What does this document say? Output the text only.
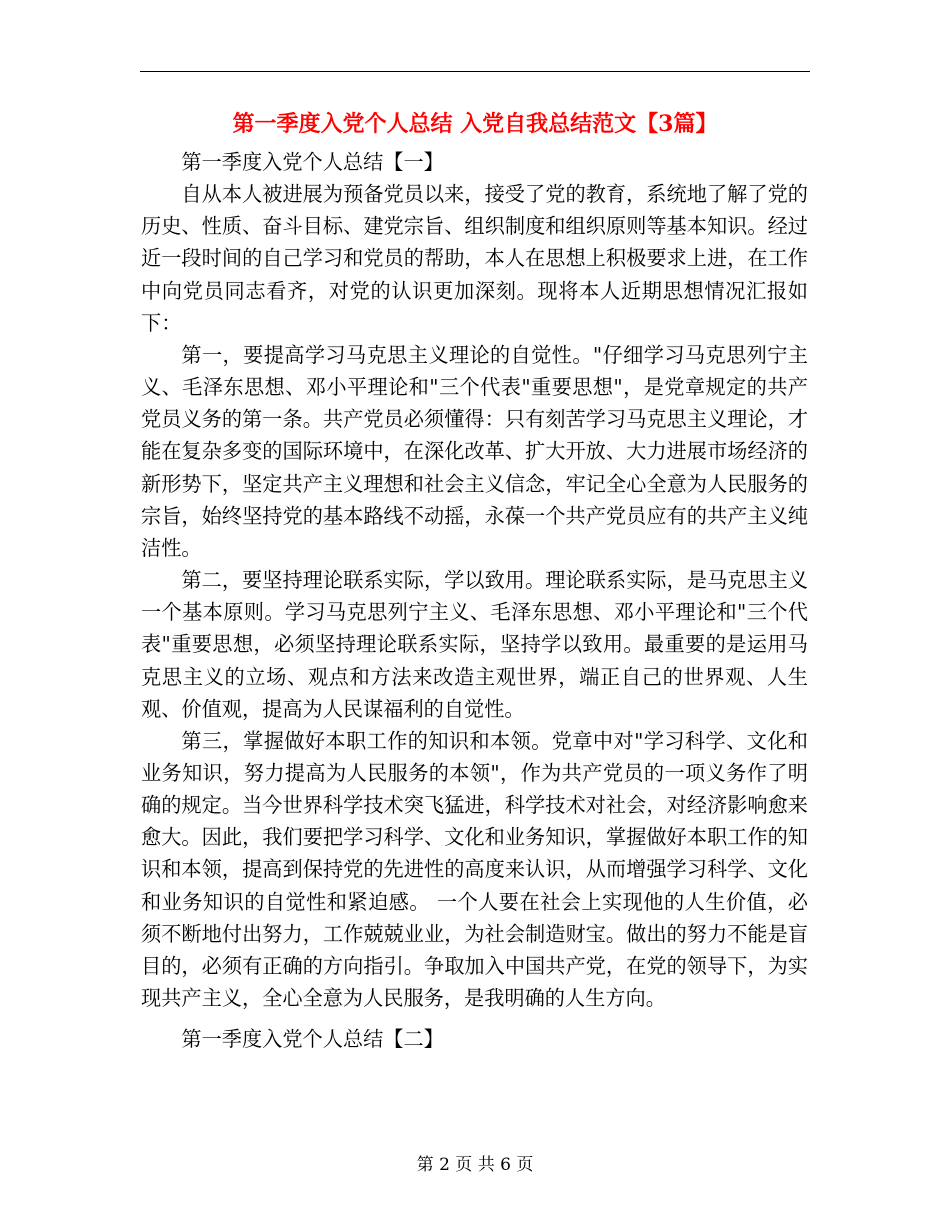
第一季度入党个人总结 入党自我总结范文【3篇】

第一季度入党个人总结【一】

自从本人被进展为预备党员以来，接受了党的教育，系统地了解了党的历史、性质、奋斗目标、建党宗旨、组织制度和组织原则等基本知识。经过近一段时间的自己学习和党员的帮助，本人在思想上积极要求上进，在工作中向党员同志看齐，对党的认识更加深刻。现将本人近期思想情况汇报如下：

第一，要提高学习马克思主义理论的自觉性。"仔细学习马克思列宁主义、毛泽东思想、邓小平理论和"三个代表"重要思想"，是党章规定的共产党员义务的第一条。共产党员必须懂得：只有刻苦学习马克思主义理论，才能在复杂多变的国际环境中，在深化改革、扩大开放、大力进展市场经济的新形势下，坚定共产主义理想和社会主义信念，牢记全心全意为人民服务的宗旨，始终坚持党的基本路线不动摇，永葆一个共产党员应有的共产主义纯洁性。

第二，要坚持理论联系实际，学以致用。理论联系实际，是马克思主义一个基本原则。学习马克思列宁主义、毛泽东思想、邓小平理论和"三个代表"重要思想，必须坚持理论联系实际，坚持学以致用。最重要的是运用马克思主义的立场、观点和方法来改造主观世界，端正自己的世界观、人生观、价值观，提高为人民谋福利的自觉性。

第三，掌握做好本职工作的知识和本领。党章中对"学习科学、文化和业务知识，努力提高为人民服务的本领"，作为共产党员的一项义务作了明确的规定。当今世界科学技术突飞猛进，科学技术对社会，对经济影响愈来愈大。因此，我们要把学习科学、文化和业务知识，掌握做好本职工作的知识和本领，提高到保持党的先进性的高度来认识，从而增强学习科学、文化和业务知识的自觉性和紧迫感。 一个人要在社会上实现他的人生价值，必须不断地付出努力，工作兢兢业业，为社会制造财宝。做出的努力不能是盲目的，必须有正确的方向指引。争取加入中国共产党，在党的领导下，为实现共产主义，全心全意为人民服务，是我明确的人生方向。

第一季度入党个人总结【二】

第 2 页 共 6 页
